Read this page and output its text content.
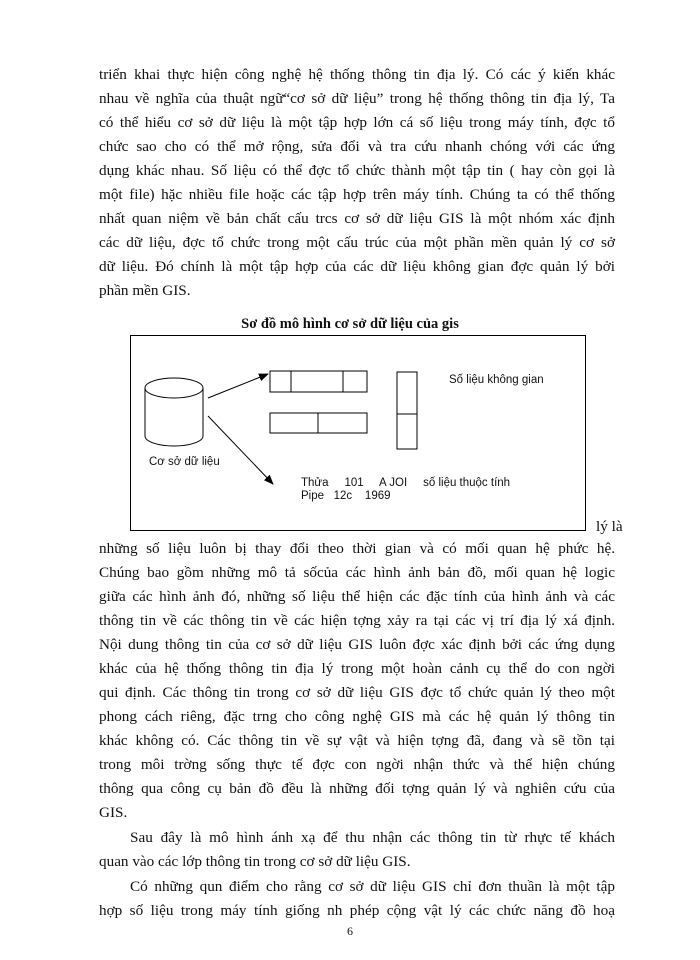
triển khai thực hiện công nghệ hệ thống thông tin địa lý. Có các ý kiến khác
nhau về nghĩa của thuật ngữ“cơ sở dữ liệu” trong hệ thống thông tin địa lý, Ta
có thể hiểu cơ sở dữ liệu là một tập hợp lớn cá số liệu trong máy tính, đợc tổ
chức sao cho có thể mở rộng, sửa đổi và tra cứu nhanh chóng với các ứng
dụng khác nhau. Số liệu có thể đợc tổ chức thành một tập tin ( hay còn gọi là
một file) hặc nhiều file hoặc các tập hợp trên máy tính. Chúng ta có thể thống
nhất quan niệm về bản chất cấu trcs cơ sở dữ liệu GIS là một nhóm xác định
các dữ liệu, đợc tổ chức trong một cấu trúc của một phần mền quản lý cơ sở
dữ liệu. Đó chính là một tập hợp của các dữ liệu không gian đợc quản lý bởi
phần mền GIS.
Sơ đồ mô hình cơ sở dữ liệu của gis
Cơ sở dữ liệu
Số liệu không gian
Thửa     101     A JOI     số liệu thuộc tính
Pipe   12c    1969
lý là
những số liệu luôn bị thay đổi theo thời gian và có mối quan hệ phức hệ.
Chúng bao gồm những mô tả sốcủa các hình ảnh bản đồ, mối quan hệ logic
giữa các hình ảnh đó, những số liệu thể hiện các đặc tính của hình ảnh và các
thông tin về các thông tin về các hiện tợng xảy ra tại các vị trí địa lý xá định.
Nội dung thông tin của cơ sở dữ liệu GIS luôn đợc xác định bởi các ứng dụng
khác của hệ thống thông tin địa lý trong một hoàn cảnh cụ thể do con ngời
qui định. Các thông tin trong cơ sở dữ liệu GIS đợc tổ chức quản lý theo một
phong cách riêng, đặc trng cho công nghệ GIS mà các hệ quản lý thông tin
khác không có. Các thông tin về sự vật và hiện tợng đã, đang và sẽ tồn tại
trong môi trờng sống thực tế đợc con ngời nhận thức và thể hiện chúng
thông qua công cụ bản đồ đều là những đối tợng quản lý và nghiên cứu của
GIS.
Sau đây là mô hình ánh xạ để thu nhận các thông tin từ rhực tế khách
quan vào các lớp thông tin trong cơ sở dữ liệu GIS.
Có những qun điểm cho rằng cơ sở dữ liệu GIS chỉ đơn thuần là một tập
hợp số liệu trong máy tính giống nh phép cộng vật lý các chức năng đồ hoạ
6
